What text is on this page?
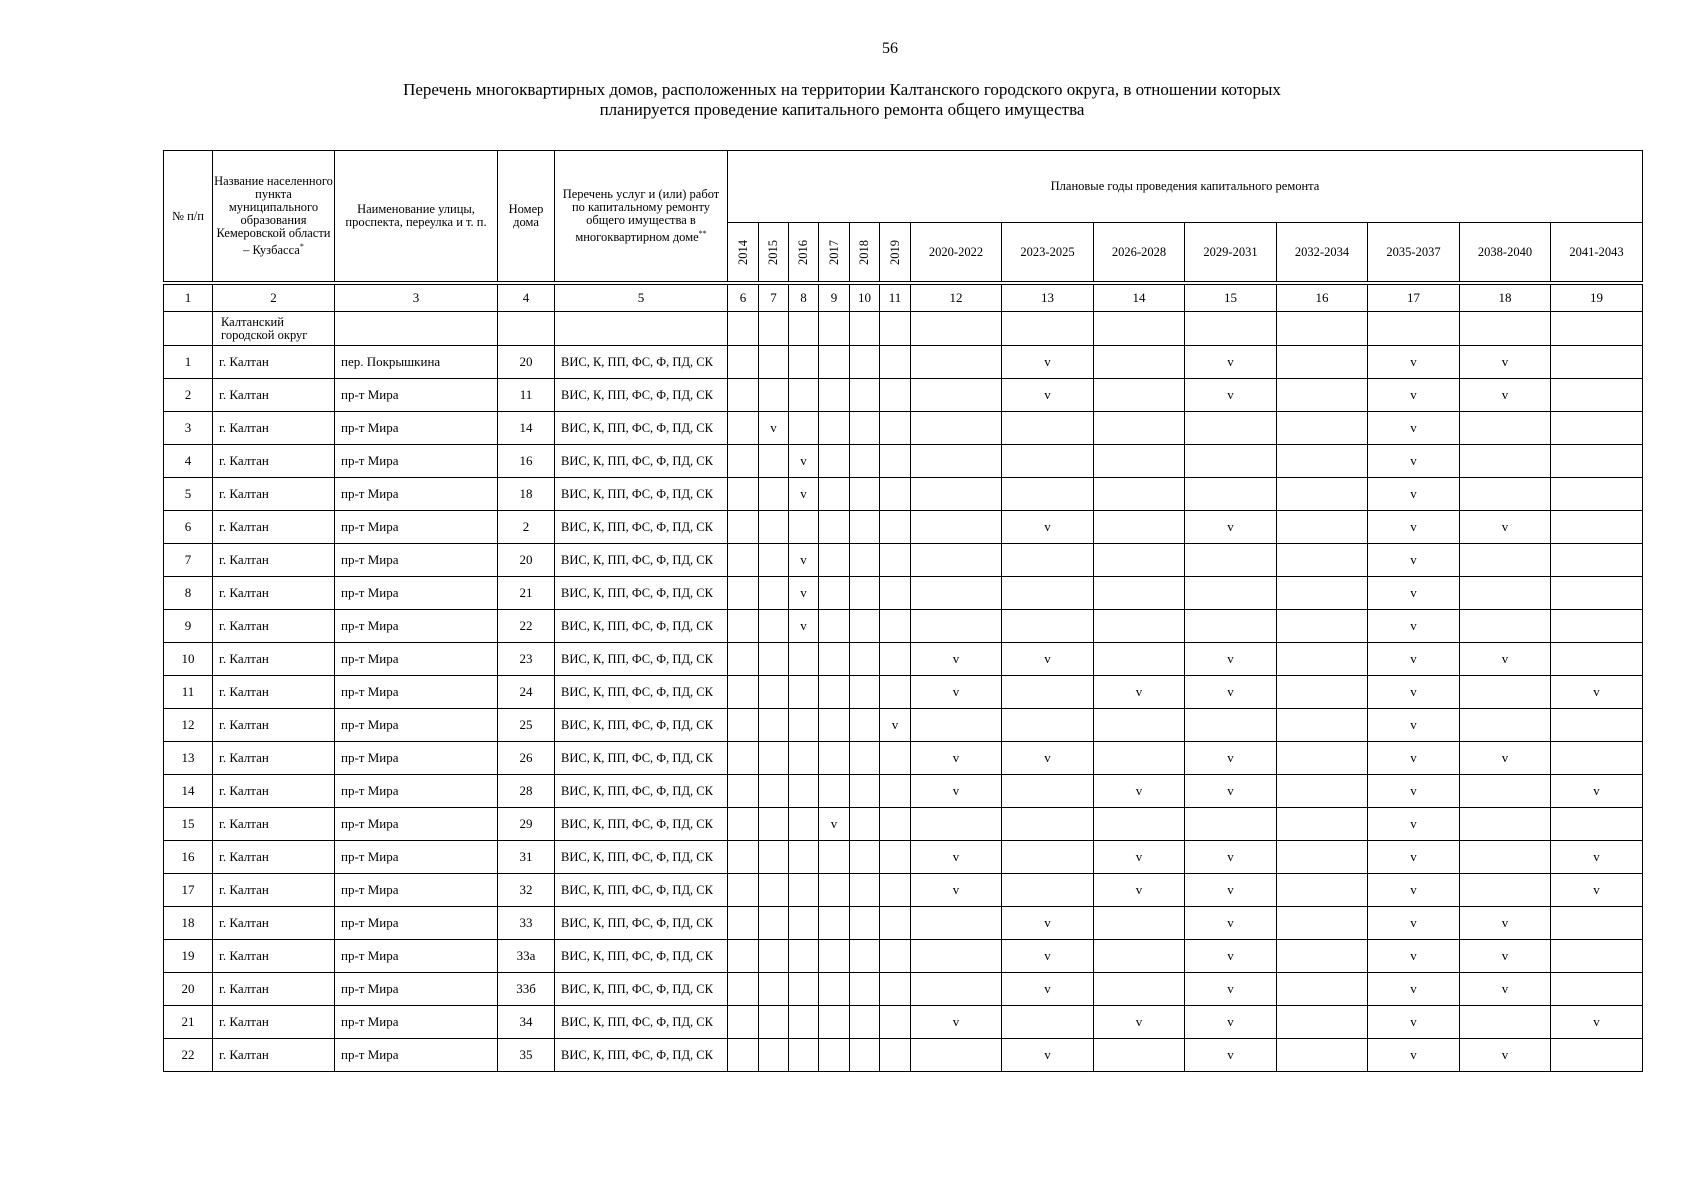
56
Перечень многоквартирных домов, расположенных на территории Калтанского городского округа, в отношении которых
планируется проведение капитального ремонта общего имущества
№ п/п	Название населенного пункта муниципального образования Кемеровской области – Кузбасса*	Наименование улицы, проспекта, переулка и т. п.	Номер дома	Перечень услуг и (или) работ по капитальному ремонту общего имущества в многоквартирном доме**	Плановые годы проведения капитального ремонта													
					2014	2015	2016	2017	2018	2019	2020-2022	2023-2025	2026-2028	2029-2031	2032-2034	2035-2037	2038-2040	2041-2043

1	2	3	4	5	6	7	8	9	10	11	12	13	14	15	16	17	18	19
	Калтанский городской округ																	
1	г. Калтан	пер. Покрышкина	20	ВИС, К, ПП, ФС, Ф, ПД, СК								v		v		v	v	
2	г. Калтан	пр-т Мира	11	ВИС, К, ПП, ФС, Ф, ПД, СК								v		v		v	v	
3	г. Калтан	пр-т Мира	14	ВИС, К, ПП, ФС, Ф, ПД, СК		v										v		
4	г. Калтан	пр-т Мира	16	ВИС, К, ПП, ФС, Ф, ПД, СК			v									v		
5	г. Калтан	пр-т Мира	18	ВИС, К, ПП, ФС, Ф, ПД, СК			v									v		
6	г. Калтан	пр-т Мира	2	ВИС, К, ПП, ФС, Ф, ПД, СК								v		v		v	v	
7	г. Калтан	пр-т Мира	20	ВИС, К, ПП, ФС, Ф, ПД, СК			v									v		
8	г. Калтан	пр-т Мира	21	ВИС, К, ПП, ФС, Ф, ПД, СК			v									v		
9	г. Калтан	пр-т Мира	22	ВИС, К, ПП, ФС, Ф, ПД, СК			v									v		
10	г. Калтан	пр-т Мира	23	ВИС, К, ПП, ФС, Ф, ПД, СК							v	v		v		v	v	
11	г. Калтан	пр-т Мира	24	ВИС, К, ПП, ФС, Ф, ПД, СК							v		v	v		v		v
12	г. Калтан	пр-т Мира	25	ВИС, К, ПП, ФС, Ф, ПД, СК						v						v		
13	г. Калтан	пр-т Мира	26	ВИС, К, ПП, ФС, Ф, ПД, СК							v	v		v		v	v	
14	г. Калтан	пр-т Мира	28	ВИС, К, ПП, ФС, Ф, ПД, СК							v		v	v		v		v
15	г. Калтан	пр-т Мира	29	ВИС, К, ПП, ФС, Ф, ПД, СК				v								v		
16	г. Калтан	пр-т Мира	31	ВИС, К, ПП, ФС, Ф, ПД, СК							v		v	v		v		v
17	г. Калтан	пр-т Мира	32	ВИС, К, ПП, ФС, Ф, ПД, СК							v		v	v		v		v
18	г. Калтан	пр-т Мира	33	ВИС, К, ПП, ФС, Ф, ПД, СК								v		v		v	v	
19	г. Калтан	пр-т Мира	33а	ВИС, К, ПП, ФС, Ф, ПД, СК								v		v		v	v	
20	г. Калтан	пр-т Мира	33б	ВИС, К, ПП, ФС, Ф, ПД, СК								v		v		v	v	
21	г. Калтан	пр-т Мира	34	ВИС, К, ПП, ФС, Ф, ПД, СК							v		v	v		v		v
22	г. Калтан	пр-т Мира	35	ВИС, К, ПП, ФС, Ф, ПД, СК								v		v		v	v	
